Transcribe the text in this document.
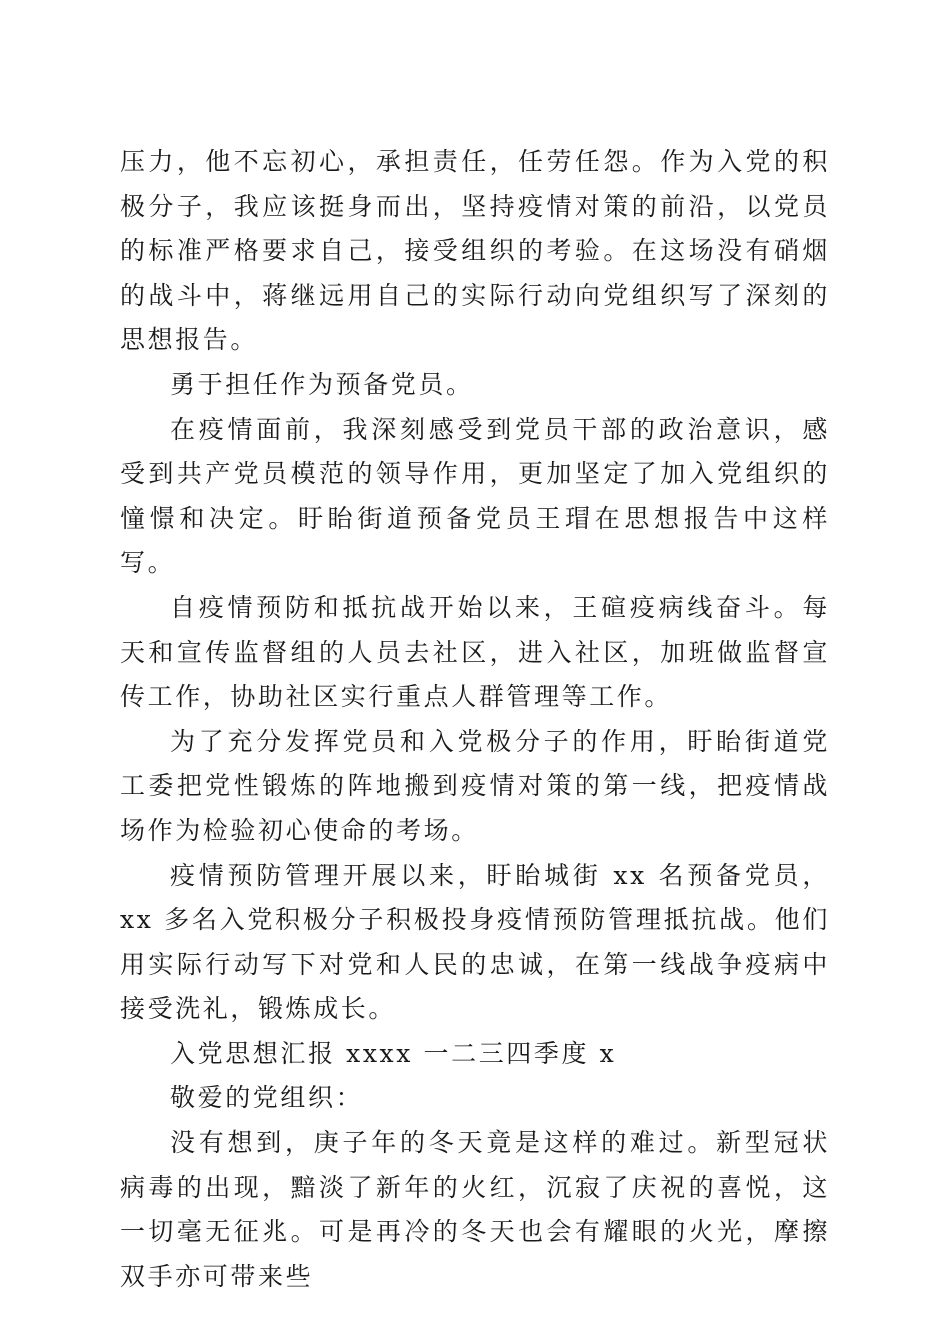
压力，他不忘初心，承担责任，任劳任怨。作为入党的积极分子，我应该挺身而出，坚持疫情对策的前沿，以党员的标准严格要求自己，接受组织的考验。在这场没有硝烟的战斗中，蒋继远用自己的实际行动向党组织写了深刻的思想报告。

勇于担任作为预备党员。

在疫情面前，我深刻感受到党员干部的政治意识，感受到共产党员模范的领导作用，更加坚定了加入党组织的憧憬和决定。盱眙街道预备党员王瑁在思想报告中这样写。

自疫情预防和抵抗战开始以来，王碹疫病线奋斗。每天和宣传监督组的人员去社区，进入社区，加班做监督宣传工作，协助社区实行重点人群管理等工作。

为了充分发挥党员和入党极分子的作用，盱眙街道党工委把党性锻炼的阵地搬到疫情对策的第一线，把疫情战场作为检验初心使命的考场。

疫情预防管理开展以来，盱眙城街 xx 名预备党员，xx 多名入党积极分子积极投身疫情预防管理抵抗战。他们用实际行动写下对党和人民的忠诚，在第一线战争疫病中接受洗礼，锻炼成长。

入党思想汇报 xxxx 一二三四季度 x

敬爱的党组织：

没有想到，庚子年的冬天竟是这样的难过。新型冠状病毒的出现，黯淡了新年的火红，沉寂了庆祝的喜悦，这一切毫无征兆。可是再冷的冬天也会有耀眼的火光，摩擦双手亦可带来些
